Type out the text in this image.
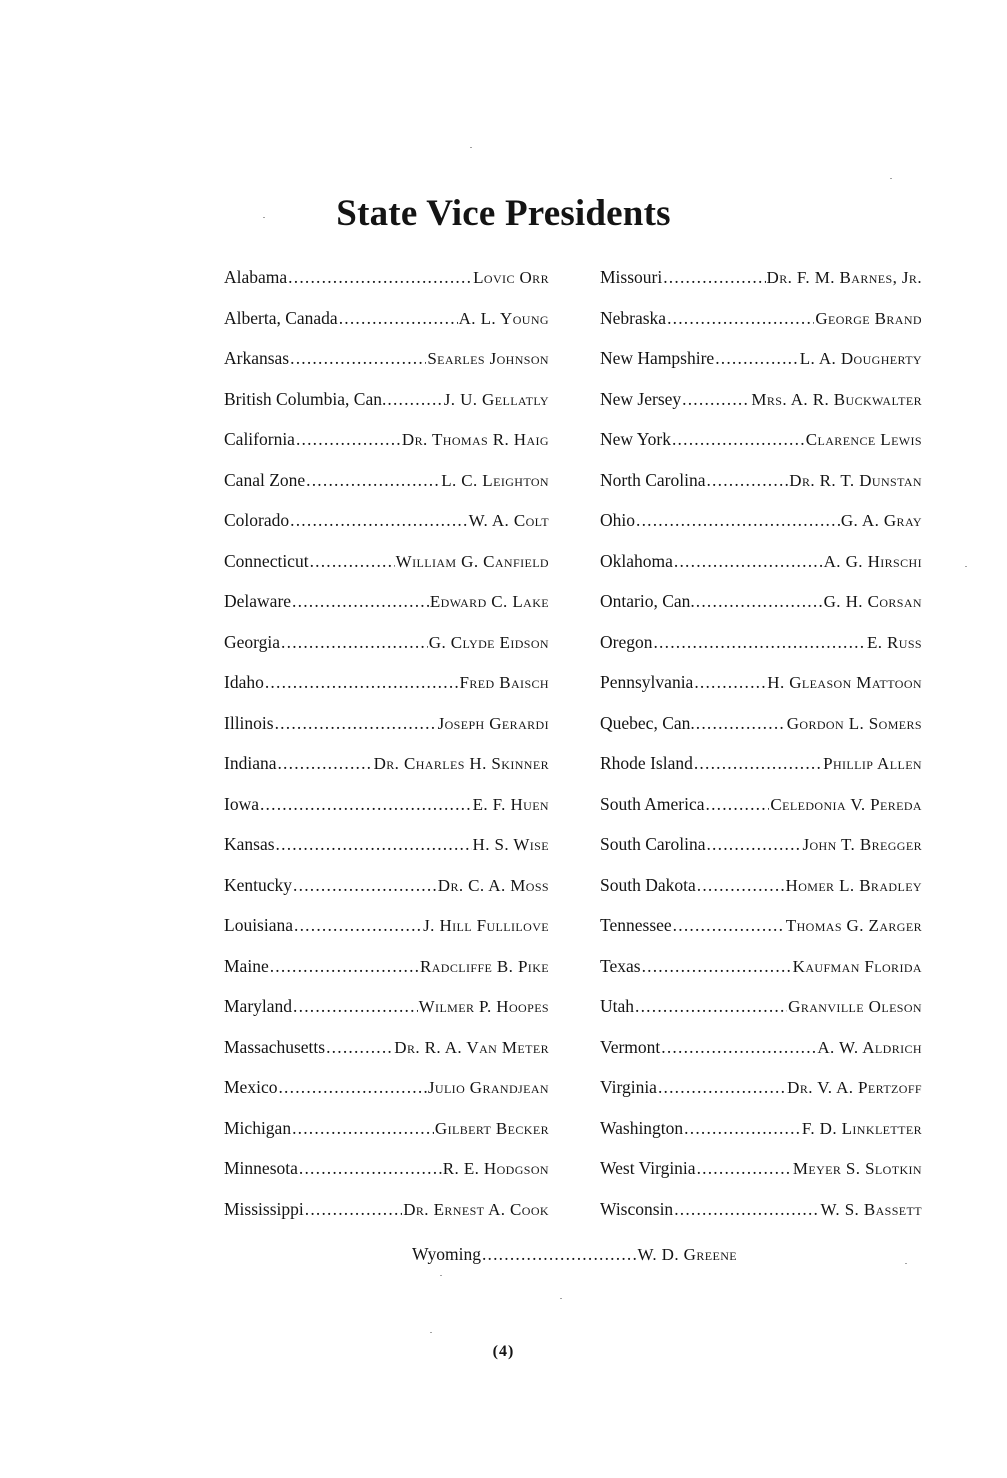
State Vice Presidents
Alabama .....	Lovic Orr
Alberta, Canada .....	A. L. Young
Arkansas .....	Searles Johnson
British Columbia, Can. .....	J. U. Gellatly
California .....	Dr. Thomas R. Haig
Canal Zone .....	L. C. Leighton
Colorado .....	W. A. Colt
Connecticut .....	William G. Canfield
Delaware .....	Edward C. Lake
Georgia .....	G. Clyde Eidson
Idaho .....	Fred Baisch
Illinois .....	Joseph Gerardi
Indiana .....	Dr. Charles H. Skinner
Iowa .....	E. F. Huen
Kansas .....	H. S. Wise
Kentucky .....	Dr. C. A. Moss
Louisiana .....	J. Hill Fullilove
Maine .....	Radcliffe B. Pike
Maryland .....	Wilmer P. Hoopes
Massachusetts .....	Dr. R. A. Van Meter
Mexico .....	Julio Grandjean
Michigan .....	Gilbert Becker
Minnesota .....	R. E. Hodgson
Mississippi .....	Dr. Ernest A. Cook
Missouri .....	Dr. F. M. Barnes, Jr.
Nebraska .....	George Brand
New Hampshire .....	L. A. Dougherty
New Jersey .....	Mrs. A. R. Buckwalter
New York .....	Clarence Lewis
North Carolina .....	Dr. R. T. Dunstan
Ohio .....	G. A. Gray
Oklahoma .....	A. G. Hirschi
Ontario, Can. .....	G. H. Corsan
Oregon .....	E. Russ
Pennsylvania .....	H. Gleason Mattoon
Quebec, Can. .....	Gordon L. Somers
Rhode Island .....	Phillip Allen
South America .....	Celedonia V. Pereda
South Carolina .....	John T. Bregger
South Dakota .....	Homer L. Bradley
Tennessee .....	Thomas G. Zarger
Texas .....	Kaufman Florida
Utah .....	Granville Oleson
Vermont .....	A. W. Aldrich
Virginia .....	Dr. V. A. Pertzoff
Washington .....	F. D. Linkletter
West Virginia .....	Meyer S. Slotkin
Wisconsin .....	W. S. Bassett
Wyoming .....	W. D. Greene
(4)
